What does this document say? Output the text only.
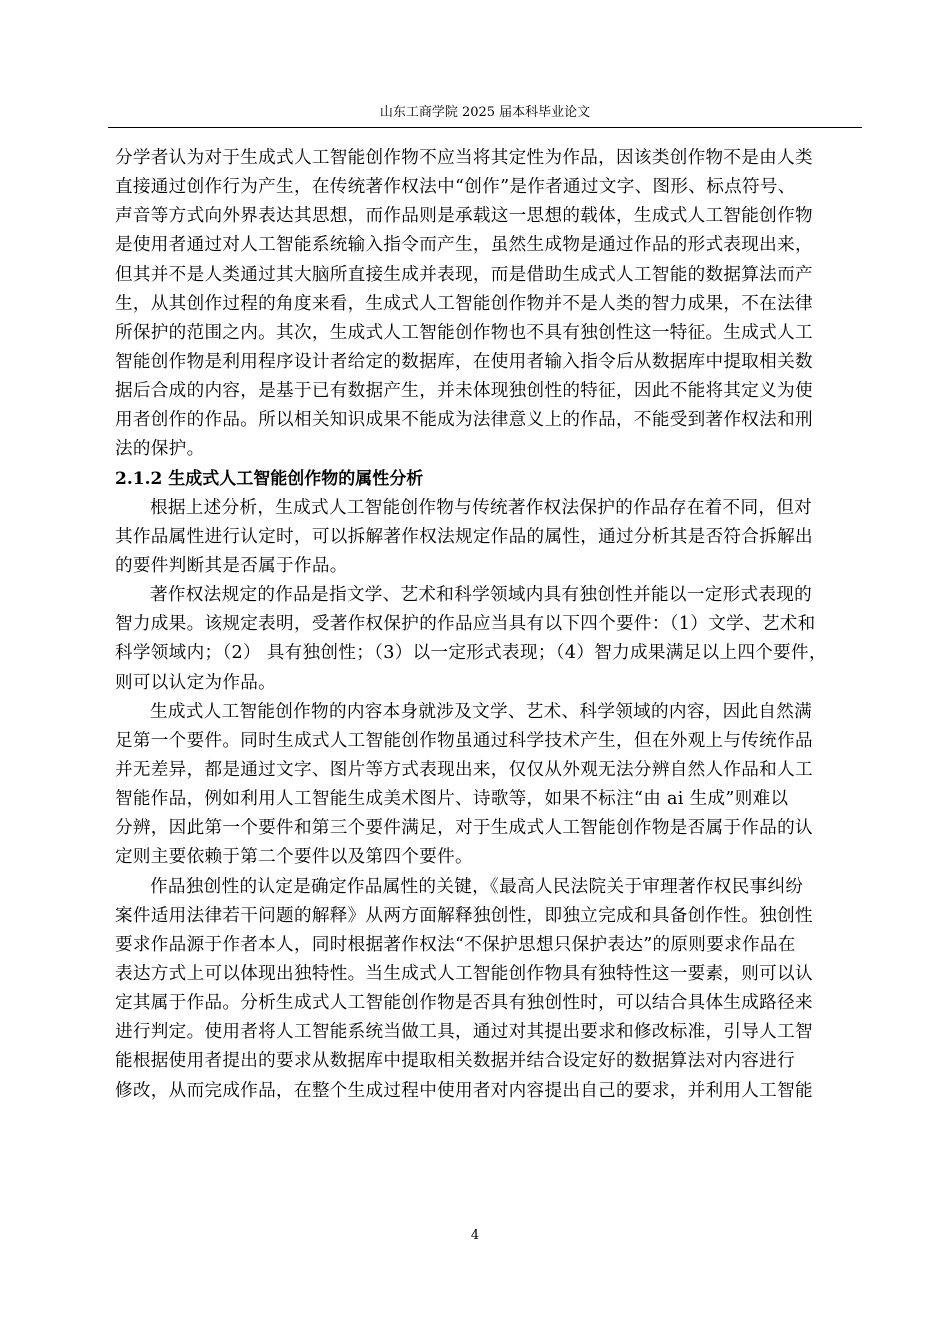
山东工商学院 2025 届本科毕业论文
分学者认为对于生成式人工智能创作物不应当将其定性为作品，因该类创作物不是由人类
直接通过创作行为产生，在传统著作权法中“创作”是作者通过文字、图形、标点符号、
声音等方式向外界表达其思想，而作品则是承载这一思想的载体，生成式人工智能创作物
是使用者通过对人工智能系统输入指令而产生，虽然生成物是通过作品的形式表现出来，
但其并不是人类通过其大脑所直接生成并表现，而是借助生成式人工智能的数据算法而产
生，从其创作过程的角度来看，生成式人工智能创作物并不是人类的智力成果，不在法律
所保护的范围之内。其次，生成式人工智能创作物也不具有独创性这一特征。生成式人工
智能创作物是利用程序设计者给定的数据库，在使用者输入指令后从数据库中提取相关数
据后合成的内容，是基于已有数据产生，并未体现独创性的特征，因此不能将其定义为使
用者创作的作品。所以相关知识成果不能成为法律意义上的作品，不能受到著作权法和刑
法的保护。
2.1.2 生成式人工智能创作物的属性分析
根据上述分析，生成式人工智能创作物与传统著作权法保护的作品存在着不同，但对
其作品属性进行认定时，可以拆解著作权法规定作品的属性，通过分析其是否符合拆解出
的要件判断其是否属于作品。
著作权法规定的作品是指文学、艺术和科学领域内具有独创性并能以一定形式表现的
智力成果。该规定表明，受著作权保护的作品应当具有以下四个要件：（1）文学、艺术和
科学领域内；（2） 具有独创性；（3）以一定形式表现；（4）智力成果满足以上四个要件，
则可以认定为作品。
生成式人工智能创作物的内容本身就涉及文学、艺术、科学领域的内容，因此自然满
足第一个要件。同时生成式人工智能创作物虽通过科学技术产生，但在外观上与传统作品
并无差异，都是通过文字、图片等方式表现出来，仅仅从外观无法分辨自然人作品和人工
智能作品，例如利用人工智能生成美术图片、诗歌等，如果不标注“由 ai 生成”则难以
分辨，因此第一个要件和第三个要件满足，对于生成式人工智能创作物是否属于作品的认
定则主要依赖于第二个要件以及第四个要件。
作品独创性的认定是确定作品属性的关键，《最高人民法院关于审理著作权民事纠纷
案件适用法律若干问题的解释》从两方面解释独创性，即独立完成和具备创作性。独创性
要求作品源于作者本人，同时根据著作权法“不保护思想只保护表达”的原则要求作品在
表达方式上可以体现出独特性。当生成式人工智能创作物具有独特性这一要素，则可以认
定其属于作品。分析生成式人工智能创作物是否具有独创性时，可以结合具体生成路径来
进行判定。使用者将人工智能系统当做工具，通过对其提出要求和修改标准，引导人工智
能根据使用者提出的要求从数据库中提取相关数据并结合设定好的数据算法对内容进行
修改，从而完成作品，在整个生成过程中使用者对内容提出自己的要求，并利用人工智能
4
